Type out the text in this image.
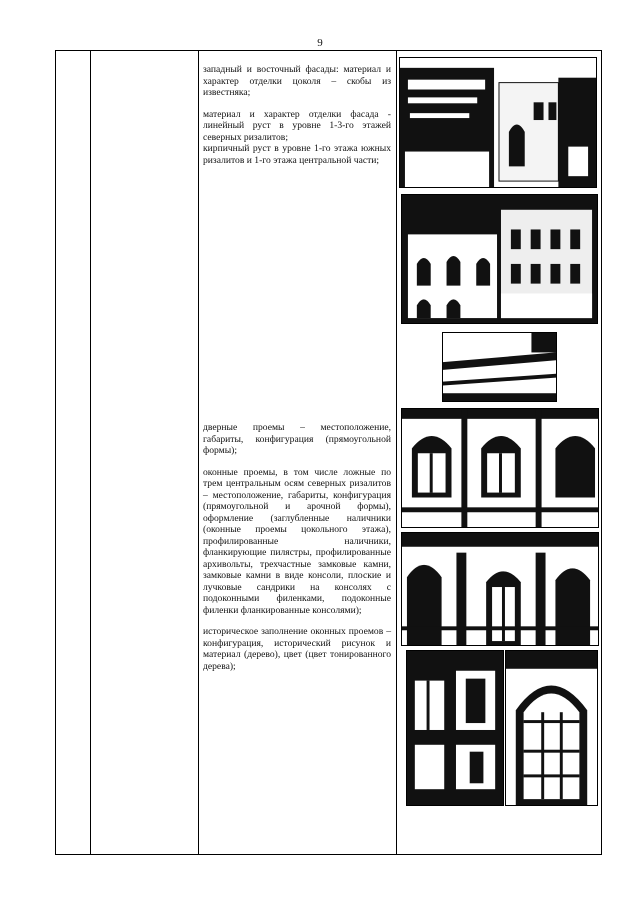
9

западный и восточный фасады: материал и характер отделки цоколя – скобы из известняка;

материал и характер отделки фасада - линейный руст в уровне 1-3-го этажей северных ризалитов;
кирпичный руст в уровне 1-го этажа южных ризалитов и 1-го этажа центральной части;

дверные проемы – местоположение, габариты, конфигурация (прямоугольной формы);

оконные проемы, в том числе ложные по трем центральным осям северных ризалитов – местоположение, габариты, конфигурация (прямоугольной и арочной формы), оформление (заглубленные наличники (оконные проемы цокольного этажа), профилированные наличники, фланкирующие пилястры, профилированные архивольты, трехчастные замковые камни, замковые камни в виде консоли, плоские и лучковые сандрики на консолях с подоконными филенками, подоконные филенки фланкированные консолями);

историческое заполнение оконных проемов – конфигурация, исторический рисунок и материал (дерево), цвет (цвет тонированного дерева);
